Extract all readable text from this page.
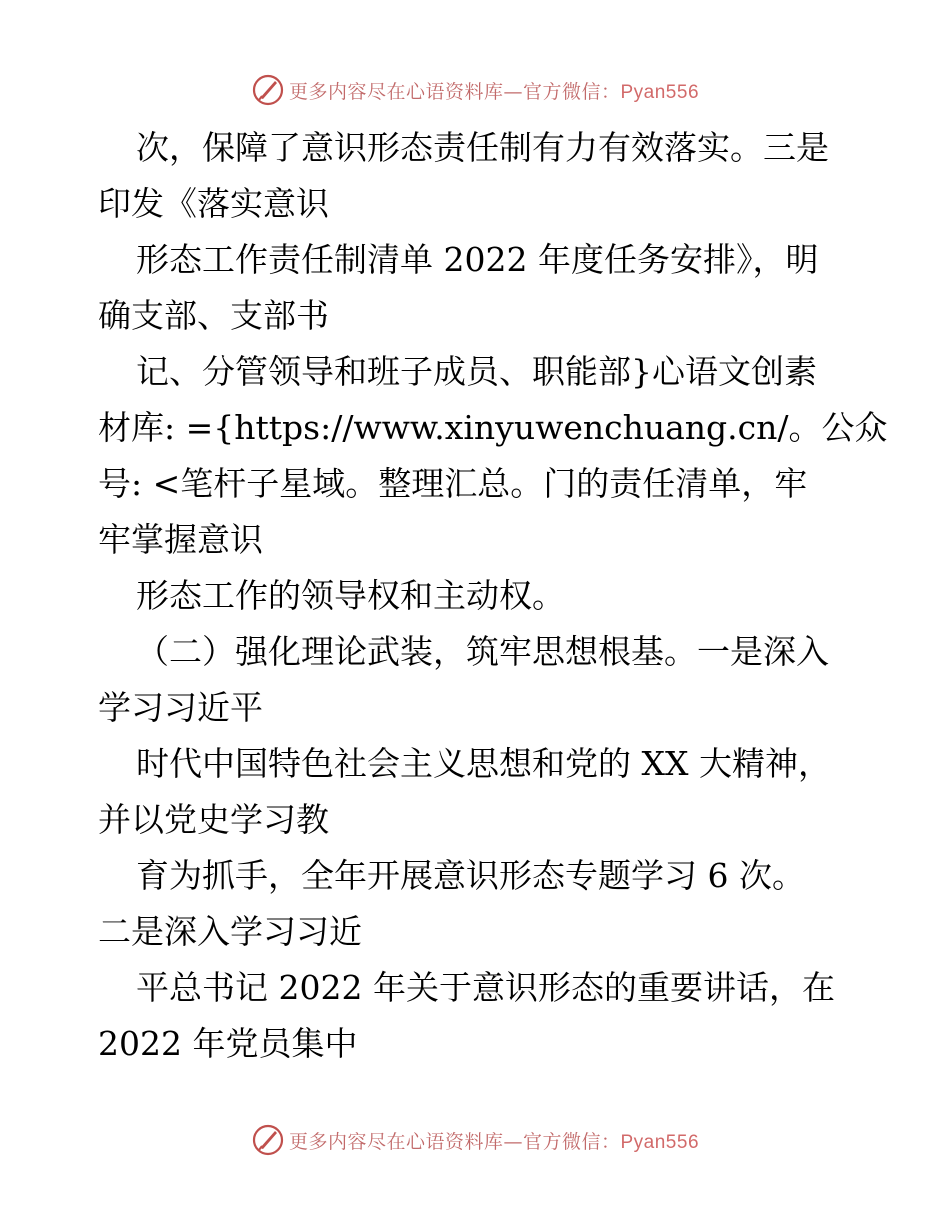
更多内容尽在心语资料库—官方微信：Pyan556
次，保障了意识形态责任制有力有效落实。三是
印发《落实意识
形态工作责任制清单 2022 年度任务安排》，明
确支部、支部书
记、分管领导和班子成员、职能部}心语文创素
材库: ={https://www.xinyuwenchuang.cn/。公众
号: <笔杆子星域。整理汇总。门的责任清单，牢
牢掌握意识
形态工作的领导权和主动权。
（二）强化理论武装，筑牢思想根基。一是深入
学习习近平
时代中国特色社会主义思想和党的 XX 大精神，
并以党史学习教
育为抓手，全年开展意识形态专题学习 6 次。
二是深入学习习近
平总书记 2022 年关于意识形态的重要讲话，在
2022 年党员集中
更多内容尽在心语资料库—官方微信：Pyan556
